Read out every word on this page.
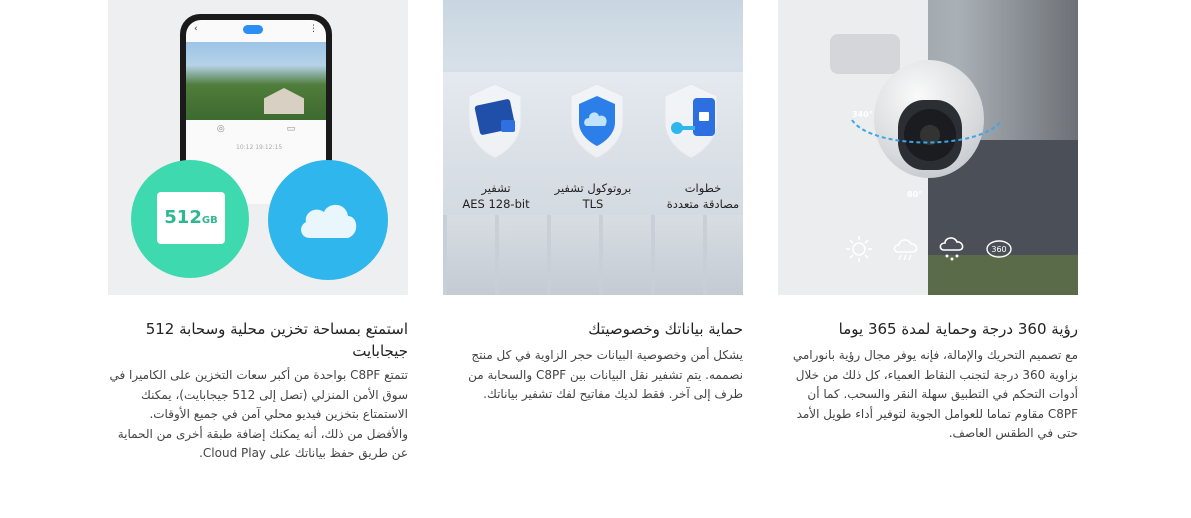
‹	⋮
◎	▭
10:12 19:12:15
512GB
استمتع بمساحة تخزين محلية وسحابة 512 جيجابايت
تتمتع C8PF بواحدة من أكبر سعات التخزين على الكاميرا في سوق الأمن المنزلي (تصل إلى 512 جيجابايت)، يمكنك الاستمتاع بتخزين فيديو محلي آمن في جميع الأوقات. والأفضل من ذلك، أنه يمكنك إضافة طبقة أخرى من الحماية عن طريق حفظ بياناتك على Cloud Play.
خطوات
مصادقة متعددة
بروتوكول تشفير
TLS
تشفير
AES 128-bit
حماية بياناتك وخصوصيتك
يشكل أمن وخصوصية البيانات حجر الزاوية في كل منتج نصممه. يتم تشفير نقل البيانات بين C8PF والسحابة من طرف إلى آخر. فقط لديك مفاتيح لفك تشفير بياناتك.
340°
80°
360
رؤية 360 درجة وحماية لمدة 365 يوما
مع تصميم التحريك والإمالة، فإنه يوفر مجال رؤية بانورامي بزاوية 360 درجة لتجنب النقاط العمياء، كل ذلك من خلال أدوات التحكم في التطبيق سهلة النقر والسحب. كما أن C8PF مقاوم تماما للعوامل الجوية لتوفير أداء طويل الأمد حتى في الطقس العاصف.
